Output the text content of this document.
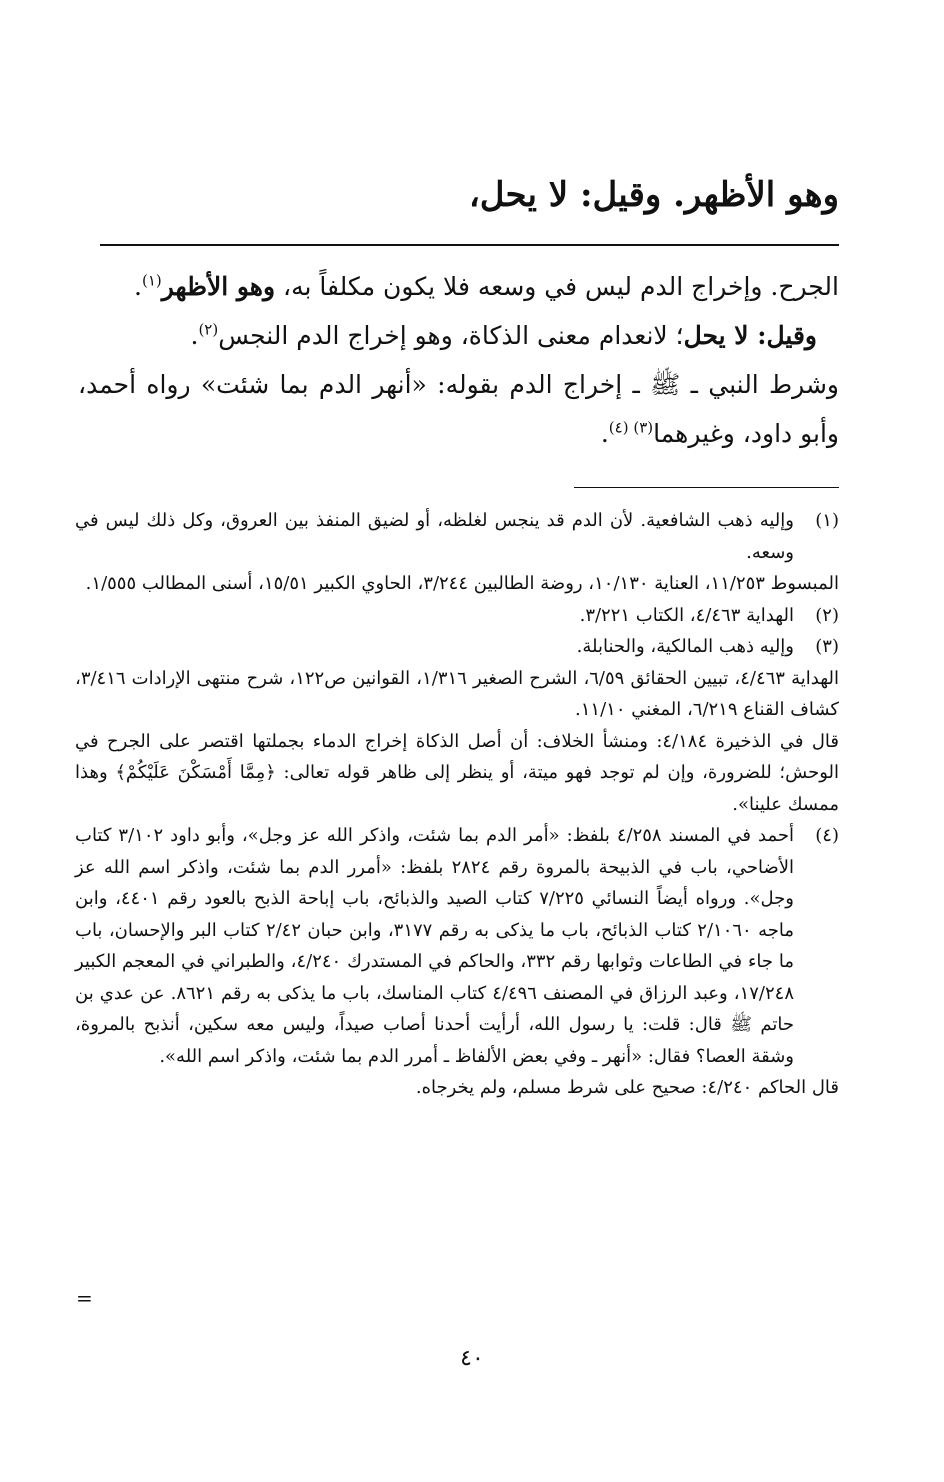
وهو الأظهر. وقيل: لا يحل،

الجرح. وإخراج الدم ليس في وسعه فلا يكون مكلفاً به، وهو الأظهر$^{(١)}$.

وقيل: لا يحل؛ لانعدام معنى الذكاة، وهو إخراج الدم النجس$^{(٢)}$.

وشرط النبي ـ ﷺ ـ إخراج الدم بقوله: «أنهر الدم بما شئت» رواه أحمد، وأبو داود، وغيرهما$^{(٣) (٤)}$.

(١)

وإليه ذهب الشافعية. لأن الدم قد ينجس لغلظه، أو لضيق المنفذ بين العروق، وكل ذلك ليس في وسعه.

المبسوط ١١/٢٥٣، العناية ١٠/١٣٠، روضة الطالبين ٣/٢٤٤، الحاوي الكبير ١٥/٥١، أسنى المطالب ١/٥٥٥.

(٢)

الهداية ٤/٤٦٣، الكتاب ٣/٢٢١.

(٣)

وإليه ذهب المالكية، والحنابلة.

الهداية ٤/٤٦٣، تبيين الحقائق ٦/٥٩، الشرح الصغير ١/٣١٦، القوانين ص١٢٢، شرح منتهى الإرادات ٣/٤١٦، كشاف القناع ٦/٢١٩، المغني ١١/١٠.

قال في الذخيرة ٤/١٨٤: ومنشأ الخلاف: أن أصل الذكاة إخراج الدماء بجملتها اقتصر على الجرح في الوحش؛ للضرورة، وإن لم توجد فهو ميتة، أو ينظر إلى ظاهر قوله تعالى: ﴿مِمَّا أَمْسَكْنَ عَلَيْكُمْ﴾ وهذا ممسك علينا».

(٤)

أحمد في المسند ٤/٢٥٨ بلفظ: «أمر الدم بما شئت، واذكر الله عز وجل»، وأبو داود ٣/١٠٢ كتاب الأضاحي، باب في الذبيحة بالمروة رقم ٢٨٢٤ بلفظ: «أمرر الدم بما شئت، واذكر اسم الله عز وجل». ورواه أيضاً النسائي ٧/٢٢٥ كتاب الصيد والذبائح، باب إباحة الذبح بالعود رقم ٤٤٠١، وابن ماجه ٢/١٠٦٠ كتاب الذبائح، باب ما يذكى به رقم ٣١٧٧، وابن حبان ٢/٤٢ كتاب البر والإحسان، باب ما جاء في الطاعات وثوابها رقم ٣٣٢، والحاكم في المستدرك ٤/٢٤٠، والطبراني في المعجم الكبير ١٧/٢٤٨، وعبد الرزاق في المصنف ٤/٤٩٦ كتاب المناسك، باب ما يذكى به رقم ٨٦٢١. عن عدي بن حاتم ﷺ قال: قلت: يا رسول الله، أرأيت أحدنا أصاب صيداً، وليس معه سكين، أنذبح بالمروة، وشقة العصا؟ فقال: «أنهر ـ وفي بعض الألفاظ ـ أمرر الدم بما شئت، واذكر اسم الله».

قال الحاكم ٤/٢٤٠: صحيح على شرط مسلم، ولم يخرجاه.

=
٤٠
